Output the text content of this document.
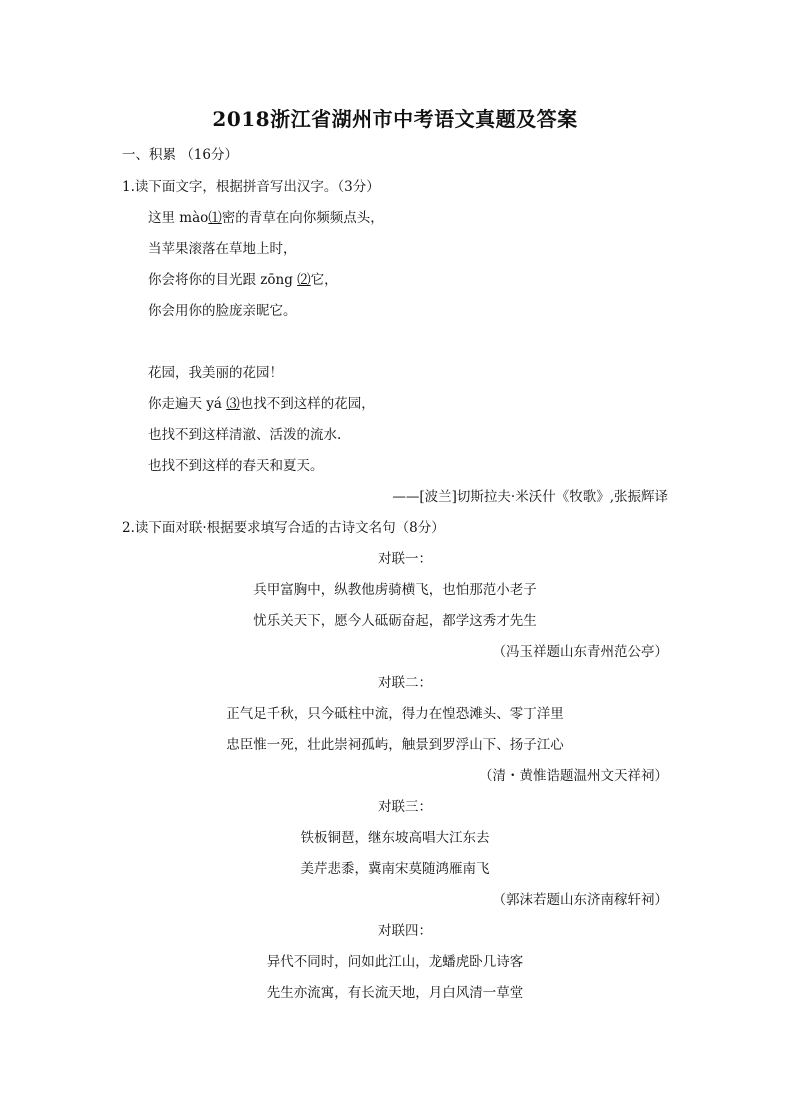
2018浙江省湖州市中考语文真题及答案
一、积累 （16分）
1.读下面文字，根据拼音写出汉字。（3分）
这里 mào⑴密的青草在向你频频点头，
当苹果滚落在草地上时，
你会将你的目光跟 zōng ⑵它，
你会用你的脸庞亲昵它。
花园，我美丽的花园！
你走遍天 yá ⑶也找不到这样的花园，
也找不到这样清澈、活泼的流水.
也找不到这样的春天和夏天。
——[波兰]切斯拉夫·米沃什《牧歌》,张振辉译
2.读下面对联·根据要求填写合适的古诗文名句（8分）
对联一：
兵甲富胸中，纵教他虏骑横飞，也怕那范小老子
忧乐关天下，愿今人砥砺奋起，都学这秀才先生
（冯玉祥题山东青州范公亭）
对联二：
正气足千秋，只今砥柱中流，得力在惶恐滩头、零丁洋里
忠臣惟一死，壮此崇祠孤屿，触景到罗浮山下、扬子江心
（清・黄惟诰题温州文天祥祠）
对联三：
铁板铜琶，继东坡高唱大江东去
美芹悲黍，冀南宋莫随鸿雁南飞
（郭沫若题山东济南稼轩祠）
对联四：
异代不同时，问如此江山，龙蟠虎卧几诗客
先生亦流寓，有长流天地，月白风清一草堂
